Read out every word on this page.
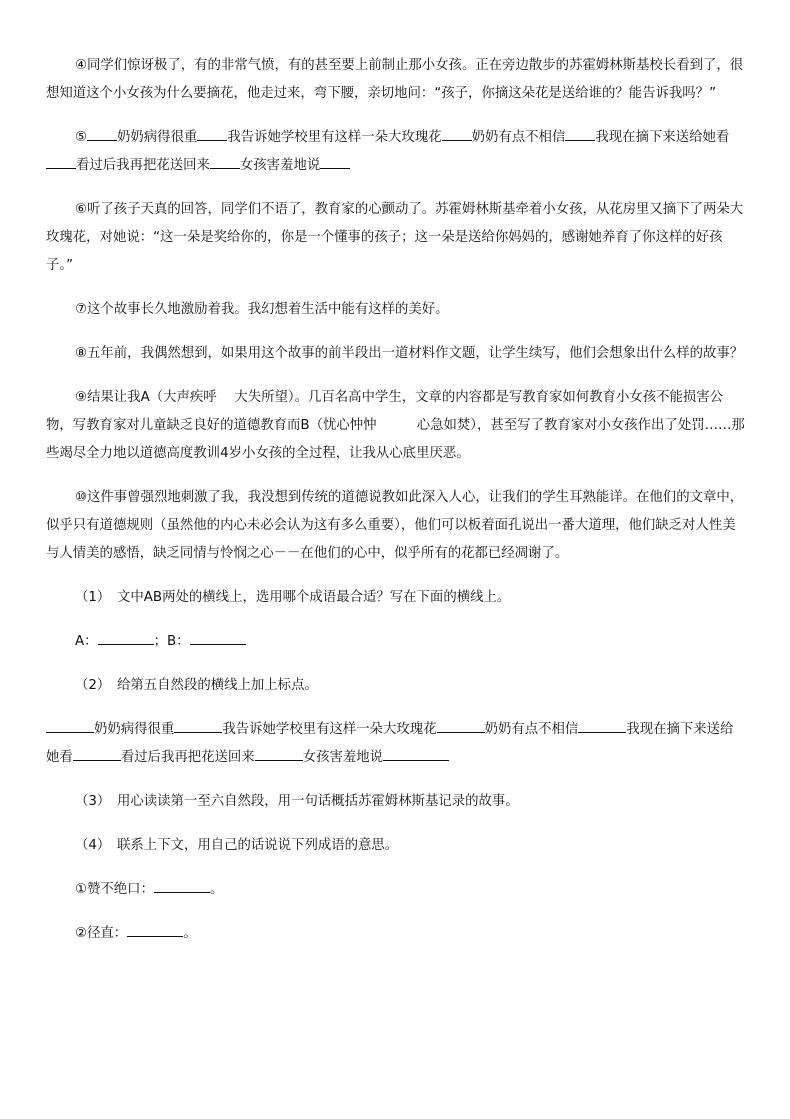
④同学们惊讶极了，有的非常气愤，有的甚至要上前制止那小女孩。正在旁边散步的苏霍姆林斯基校长看到了，很想知道这个小女孩为什么要摘花，他走过来，弯下腰，亲切地问：“孩子，你摘这朵花是送给谁的？能告诉我吗？”

⑤ 奶奶病得很重 我告诉她学校里有这样一朵大玫瑰花 奶奶有点不相信 我现在摘下来送给她看看过后我再把花送回来 女孩害羞地说

⑥听了孩子天真的回答，同学们不语了，教育家的心颤动了。苏霍姆林斯基牵着小女孩，从花房里又摘下了两朵大玫瑰花，对她说：“这一朵是奖给你的，你是一个懂事的孩子；这一朵是送给你妈妈的，感谢她养育了你这样的好孩子。”

⑦这个故事长久地激励着我。我幻想着生活中能有这样的美好。

⑧五年前，我偶然想到，如果用这个故事的前半段出一道材料作文题，让学生续写，他们会想象出什么样的故事？

⑨结果让我A（大声疾呼　 大失所望）。几百名高中学生，文章的内容都是写教育家如何教育小女孩不能损害公物，写教育家对儿童缺乏良好的道德教育而B（忧心忡忡　　　心急如焚），甚至写了教育家对小女孩作出了处罚……那些竭尽全力地以道德高度教训4岁小女孩的全过程，让我从心底里厌恶。

⑩这件事曾强烈地刺激了我，我没想到传统的道德说教如此深入人心，让我们的学生耳熟能详。在他们的文章中，似乎只有道德规则（虽然他的内心未必会认为这有多么重要），他们可以板着面孔说出一番大道理，他们缺乏对人性美与人情美的感悟，缺乏同情与怜悯之心－－在他们的心中，似乎所有的花都已经凋谢了。

（1）　文中AB两处的横线上，选用哪个成语最合适？写在下面的横线上。

A：	；B：

（2）　给第五自然段的横线上加上标点。

奶奶病得很重	我告诉她学校里有这样一朵大玫瑰花	奶奶有点不相信	我现在摘下来送给她看	看过后我再把花送回来	女孩害羞地说

（3）　用心读读第一至六自然段，用一句话概括苏霍姆林斯基记录的故事。

（4）　联系上下文，用自己的话说说下列成语的意思。

①赞不绝口：	。

②径直：	。
